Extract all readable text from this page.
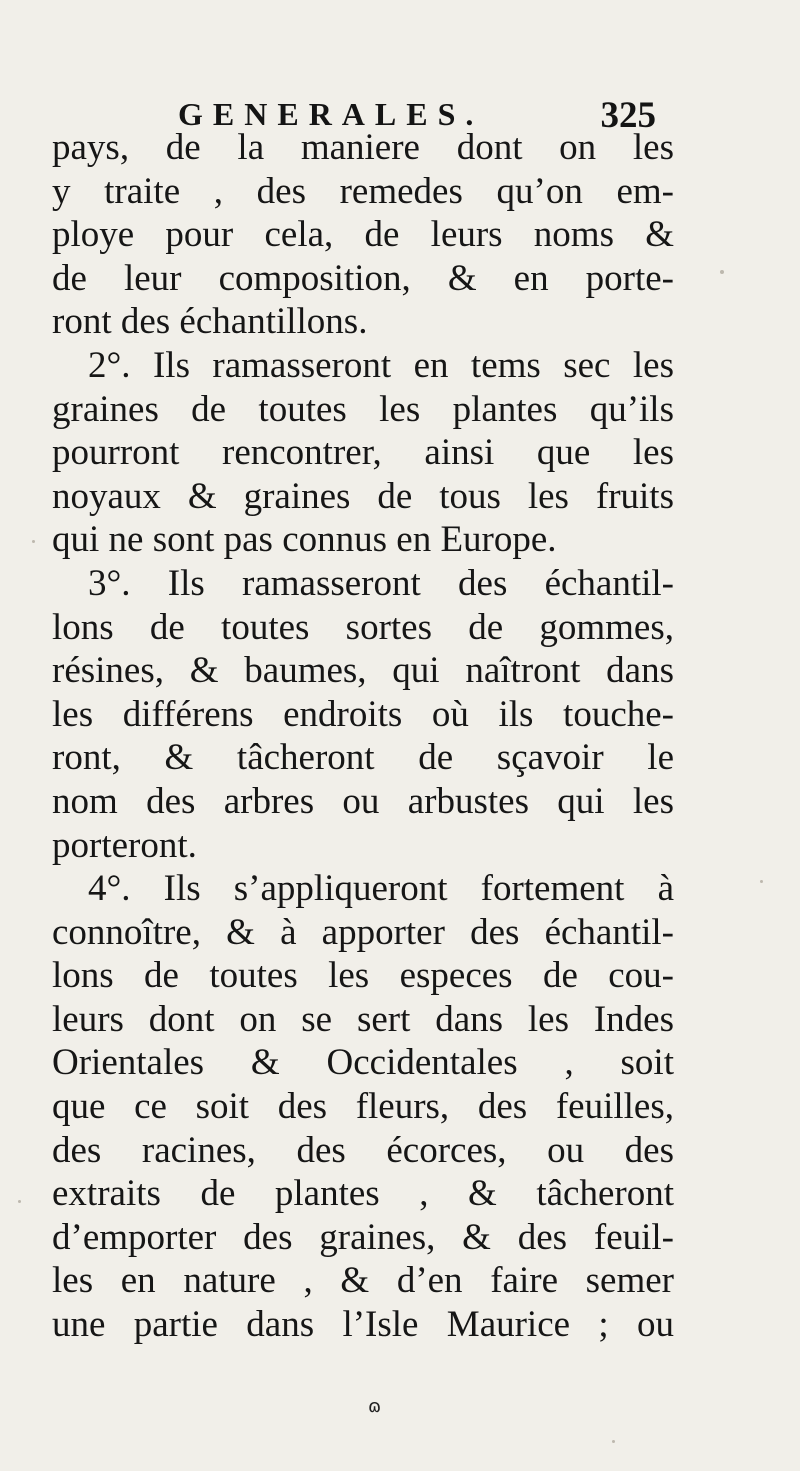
GENERALES.	325
pays, de la maniere dont on les
y traite , des remedes qu’on em-
ploye pour cela, de leurs noms &
de leur composition, & en porte-
ront des échantillons.
2°. Ils ramasseront en tems sec les
graines de toutes les plantes qu’ils
pourront rencontrer, ainsi que les
noyaux & graines de tous les fruits
qui ne sont pas connus en Europe.
3°. Ils ramasseront des échantil-
lons de toutes sortes de gommes,
résines, & baumes, qui naîtront dans
les différens endroits où ils touche-
ront, & tâcheront de sçavoir le
nom des arbres ou arbustes qui les
porteront.
4°. Ils s’appliqueront fortement à
connoître, & à apporter des échantil-
lons de toutes les especes de cou-
leurs dont on se sert dans les Indes
Orientales & Occidentales , soit
que ce soit des fleurs, des feuilles,
des racines, des écorces, ou des
extraits de plantes , & tâcheront
d’emporter des graines, & des feuil-
les en nature , & d’en faire semer
une partie dans l’Isle Maurice ; ou
ɷ
